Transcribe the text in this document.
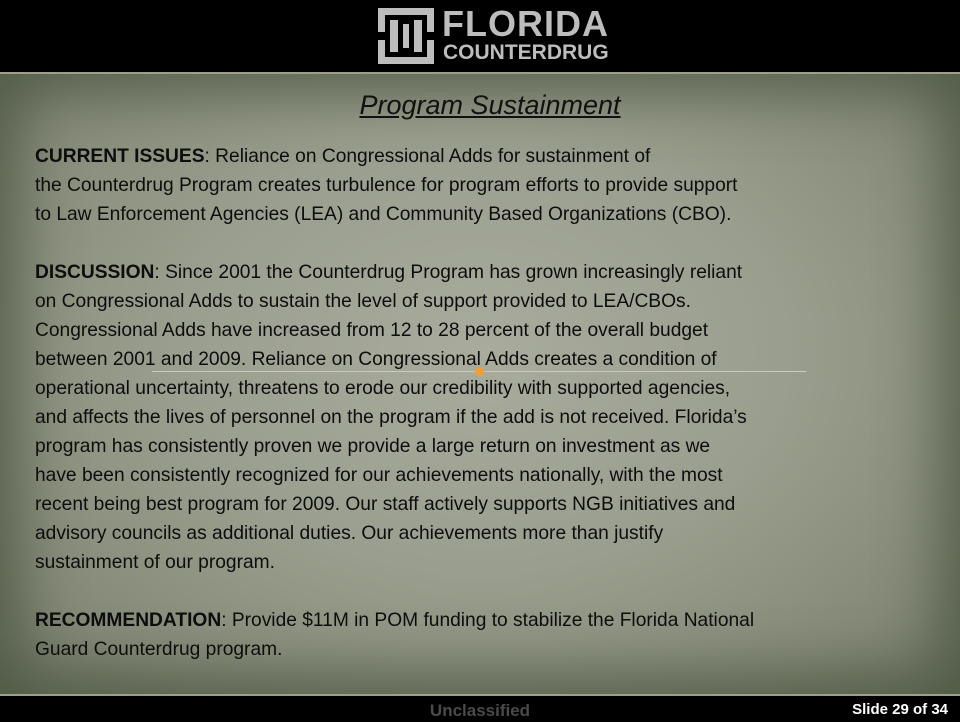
FLORIDA
COUNTERDRUG
Program Sustainment

CURRENT ISSUES: Reliance on Congressional Adds for sustainment of
the Counterdrug Program creates turbulence for program efforts to provide support
to Law Enforcement Agencies (LEA) and Community Based Organizations (CBO).

DISCUSSION: Since 2001 the Counterdrug Program has grown increasingly reliant
on Congressional Adds to sustain the level of support provided to LEA/CBOs.
Congressional Adds have increased from 12 to 28 percent of the overall budget
between 2001 and 2009. Reliance on Congressional Adds creates a condition of
operational uncertainty, threatens to erode our credibility with supported agencies,
and affects the lives of personnel on the program if the add is not received. Florida’s
program has consistently proven we provide a large return on investment as we
have been consistently recognized for our achievements nationally, with the most
recent being best program for 2009. Our staff actively supports NGB initiatives and
advisory councils as additional duties. Our achievements more than justify
sustainment of our program.

RECOMMENDATION: Provide $11M in POM funding to stabilize the Florida National
Guard Counterdrug program.

Unclassified	Slide 29 of 34
